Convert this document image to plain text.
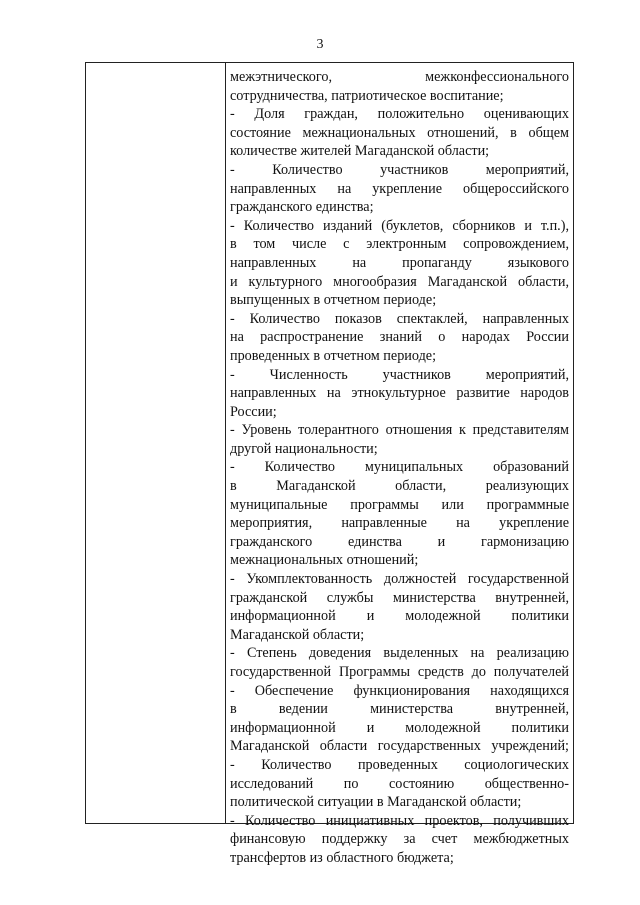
3
межэтнического, межконфессионального
сотрудничества, патриотическое воспитание;
- Доля граждан, положительно оценивающих
состояние межнациональных отношений, в общем
количестве жителей Магаданской области;
- Количество участников мероприятий,
направленных на укрепление общероссийского
гражданского единства;
- Количество изданий (буклетов, сборников и т.п.),
в том числе с электронным сопровождением,
направленных на пропаганду языкового
и культурного многообразия Магаданской области,
выпущенных в отчетном периоде;
- Количество показов спектаклей, направленных
на распространение знаний о народах России
проведенных в отчетном периоде;
- Численность участников мероприятий,
направленных на этнокультурное развитие народов
России;
- Уровень толерантного отношения к представителям
другой национальности;
- Количество муниципальных образований
в Магаданской области, реализующих
муниципальные программы или программные
мероприятия, направленные на укрепление
гражданского единства и гармонизацию
межнациональных отношений;
- Укомплектованность должностей государственной
гражданской службы министерства внутренней,
информационной и молодежной политики
Магаданской области;
- Степень доведения выделенных на реализацию
государственной Программы средств до получателей
- Обеспечение функционирования находящихся
в ведении министерства внутренней,
информационной и молодежной политики
Магаданской области государственных учреждений;
- Количество проведенных социологических
исследований по состоянию общественно-
политической ситуации в Магаданской области;
- Количество инициативных проектов, получивших
финансовую поддержку за счет межбюджетных
трансфертов из областного бюджета;
